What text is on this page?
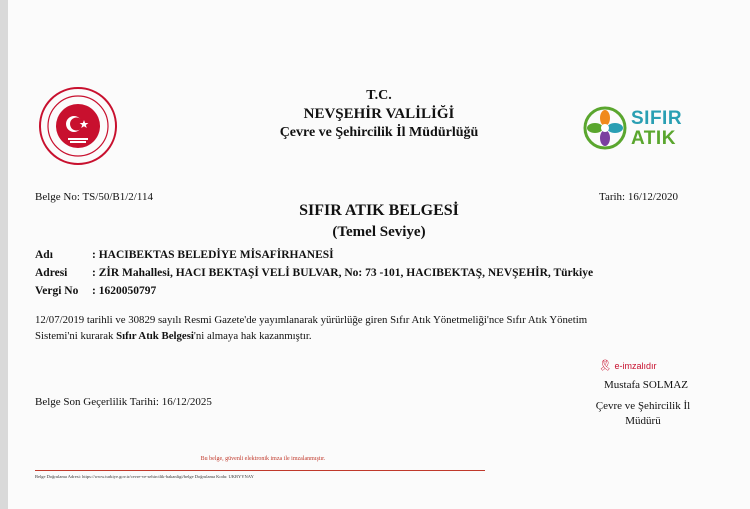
T.C.
NEVŞEHİR VALİLİĞİ
Çevre ve Şehircilik İl Müdürlüğü
SIFIR
ATIK
Belge No: TS/50/B1/2/114	Tarih: 16/12/2020
SIFIR ATIK BELGESİ
(Temel Seviye)
Adı	: HACIBEKTAS BELEDİYE MİSAFİRHANESİ
Adresi : ZİR Mahallesi, HACI BEKTAŞİ VELİ BULVAR, No: 73 -101, HACIBEKTAŞ, NEVŞEHİR, Türkiye
Vergi No : 1620050797
12/07/2019 tarihli ve 30829 sayılı Resmi Gazete'de yayımlanarak yürürlüğe giren Sıfır Atık Yönetmeliği'nce Sıfır Atık Yönetim
Sistemi'ni kurarak Sıfır Atık Belgesi'ni almaya hak kazanmıştır.
🎗 e-imzalıdır
Mustafa SOLMAZ
Çevre ve Şehircilik İl
Müdürü
Belge Son Geçerlilik Tarihi: 16/12/2025
Bu belge, güvenli elektronik imza ile imzalanmıştır.
Belge Doğrulama Adresi: https://www.turkiye.gov.tr/cevre-ve-sehircilik-bakanligi/belge Doğrulama Kodu: UKBYYNAY
